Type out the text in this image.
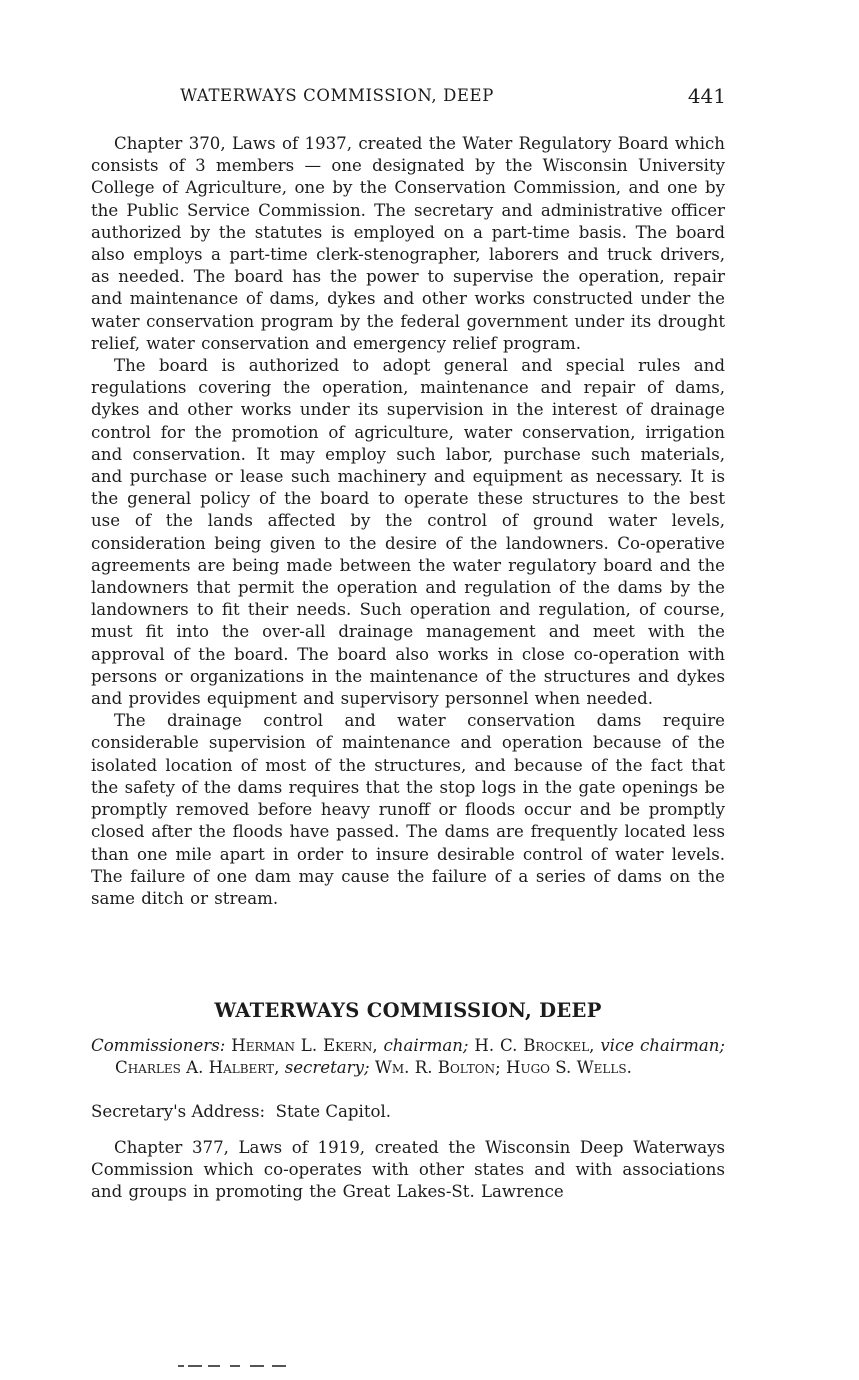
WATERWAYS COMMISSION, DEEP	441

Chapter 370, Laws of 1937, created the Water Regulatory Board which consists of 3 members — one designated by the Wisconsin University College of Agriculture, one by the Conservation Commission, and one by the Public Service Commission. The secretary and administrative officer authorized by the statutes is employed on a part-time basis. The board also employs a part-time clerk-stenographer, laborers and truck drivers, as needed. The board has the power to supervise the operation, repair and maintenance of dams, dykes and other works constructed under the water conservation program by the federal government under its drought relief, water conservation and emergency relief program.

The board is authorized to adopt general and special rules and regulations covering the operation, maintenance and repair of dams, dykes and other works under its supervision in the interest of drainage control for the promotion of agriculture, water conservation, irrigation and conservation. It may employ such labor, purchase such materials, and purchase or lease such machinery and equipment as necessary. It is the general policy of the board to operate these structures to the best use of the lands affected by the control of ground water levels, consideration being given to the desire of the landowners. Co-operative agreements are being made between the water regulatory board and the landowners that permit the operation and regulation of the dams by the landowners to fit their needs. Such operation and regulation, of course, must fit into the over-all drainage management and meet with the approval of the board. The board also works in close co-operation with persons or organizations in the maintenance of the structures and dykes and provides equipment and supervisory personnel when needed.

The drainage control and water conservation dams require considerable supervision of maintenance and operation because of the isolated location of most of the structures, and because of the fact that the safety of the dams requires that the stop logs in the gate openings be promptly removed before heavy runoff or floods occur and be promptly closed after the floods have passed. The dams are frequently located less than one mile apart in order to insure desirable control of water levels. The failure of one dam may cause the failure of a series of dams on the same ditch or stream.

WATERWAYS COMMISSION, DEEP
Commissioners: Herman L. Ekern, chairman; H. C. Brockel, vice chairman; Charles A. Halbert, secretary; Wm. R. Bolton; Hugo S. Wells.
Secretary's Address: State Capitol.

Chapter 377, Laws of 1919, created the Wisconsin Deep Waterways Commission which co-operates with other states and with associations and groups in promoting the Great Lakes-St. Lawrence
